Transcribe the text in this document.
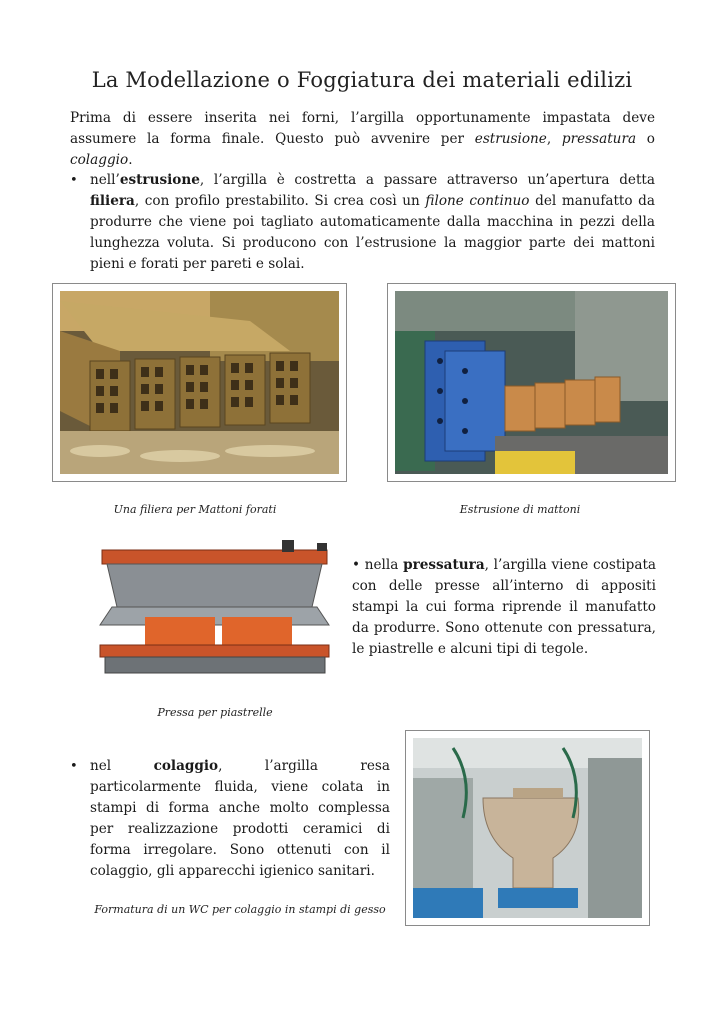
La Modellazione o Foggiatura dei materiali edilizi
Prima di essere inserita nei forni, l’argilla opportunamente impastata deve assumere la forma finale. Questo può avvenire per estrusione, pressatura o colaggio.
• nell’estrusione, l’argilla è costretta a passare attraverso un’apertura detta filiera, con profilo prestabilito. Si crea così un filone continuo del manufatto da produrre che viene poi tagliato automaticamente dalla macchina in pezzi della lunghezza voluta. Si producono con l’estrusione la maggior parte dei mattoni pieni e forati per pareti e solai.
Una filiera per Mattoni forati	Estrusione di mattoni
• nella pressatura, l’argilla viene costipata con delle presse all’interno di appositi stampi la cui forma riprende il manufatto da produrre. Sono ottenute con pressatura, le piastrelle e alcuni tipi di tegole.
Pressa per piastrelle
• nel colaggio, l’argilla resa particolarmente fluida, viene colata in stampi di forma anche molto complessa per realizzazione prodotti ceramici di forma irregolare. Sono ottenuti con il colaggio, gli apparecchi igienico sanitari.
Formatura di un WC per colaggio in stampi di gesso
